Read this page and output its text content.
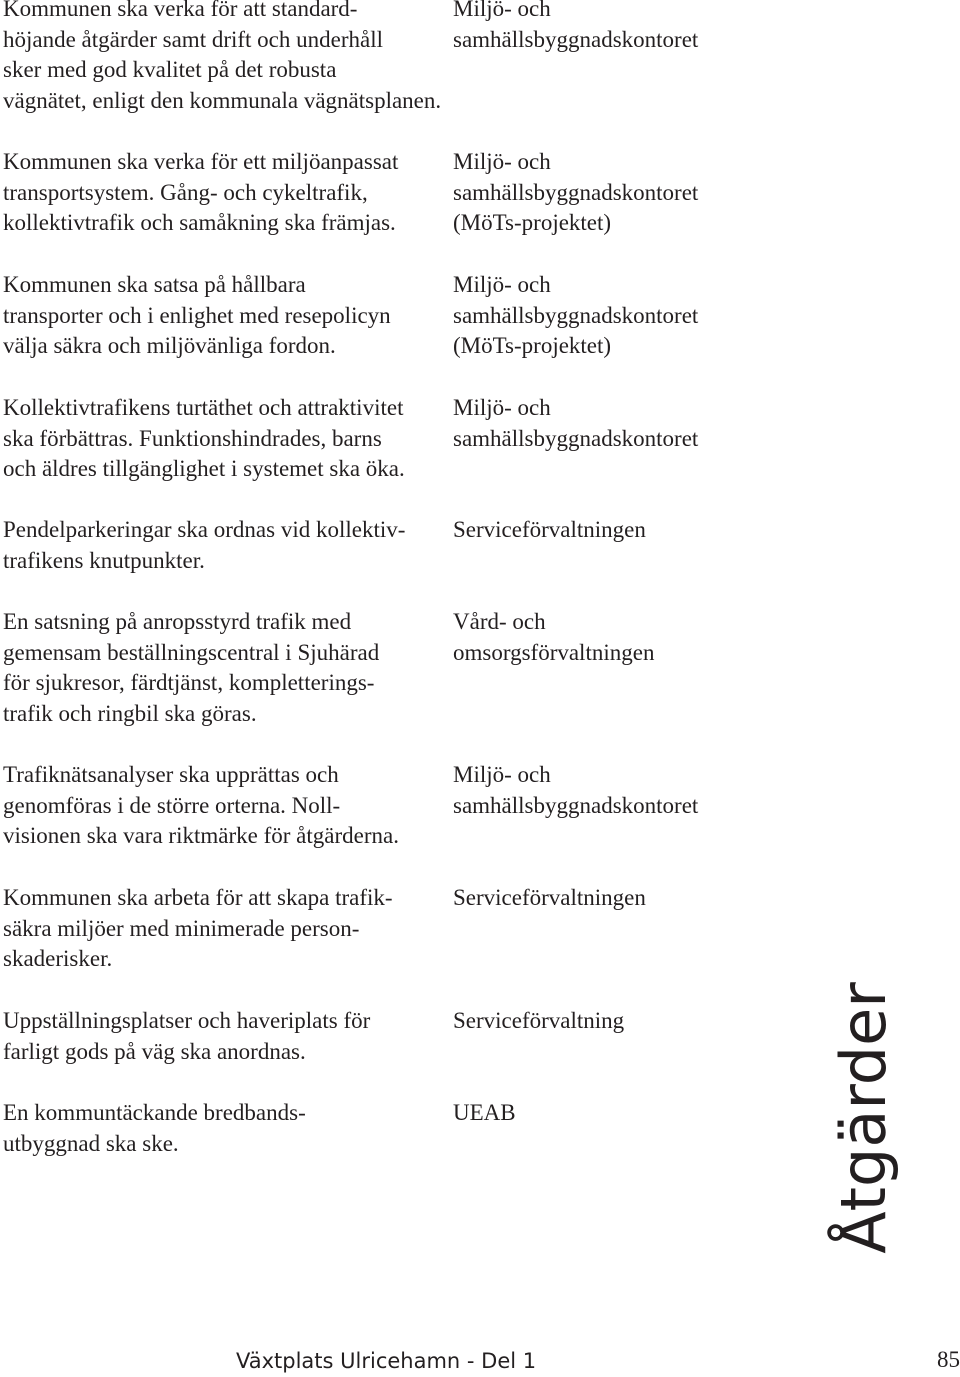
Kommunen ska verka för att standard-
höjande åtgärder samt drift och underhåll
sker med god kvalitet på det robusta
vägnätet, enligt den kommunala vägnätsplanen.

Miljö- och
samhällsbyggnadskontoret

Kommunen ska verka för ett miljöanpassat
transportsystem. Gång- och cykeltrafik,
kollektivtrafik och samåkning ska främjas.

Miljö- och
samhällsbyggnadskontoret
(MöTs-projektet)

Kommunen ska satsa på hållbara
transporter och i enlighet med resepolicyn
välja säkra och miljövänliga fordon.

Miljö- och
samhällsbyggnadskontoret
(MöTs-projektet)

Kollektivtrafikens turtäthet och attraktivitet
ska förbättras. Funktionshindrades, barns
och äldres tillgänglighet i systemet ska öka.

Miljö- och
samhällsbyggnadskontoret

Pendelparkeringar ska ordnas vid kollektiv-
trafikens knutpunkter.

Serviceförvaltningen

En satsning på anropsstyrd trafik med
gemensam beställningscentral i Sjuhärad
för sjukresor, färdtjänst, kompletterings-
trafik och ringbil ska göras.

Vård- och
omsorgsförvaltningen

Trafiknätsanalyser ska upprättas och
genomföras i de större orterna. Noll-
visionen ska vara riktmärke för åtgärderna.

Miljö- och
samhällsbyggnadskontoret

Kommunen ska arbeta för att skapa trafik-
säkra miljöer med minimerade person-
skaderisker.

Serviceförvaltningen

Uppställningsplatser och haveriplats för
farligt gods på väg ska anordnas.

Serviceförvaltning

En kommuntäckande bredbands-
utbyggnad ska ske.

UEAB	Åtgärder
Växtplats Ulricehamn - Del 1	85
